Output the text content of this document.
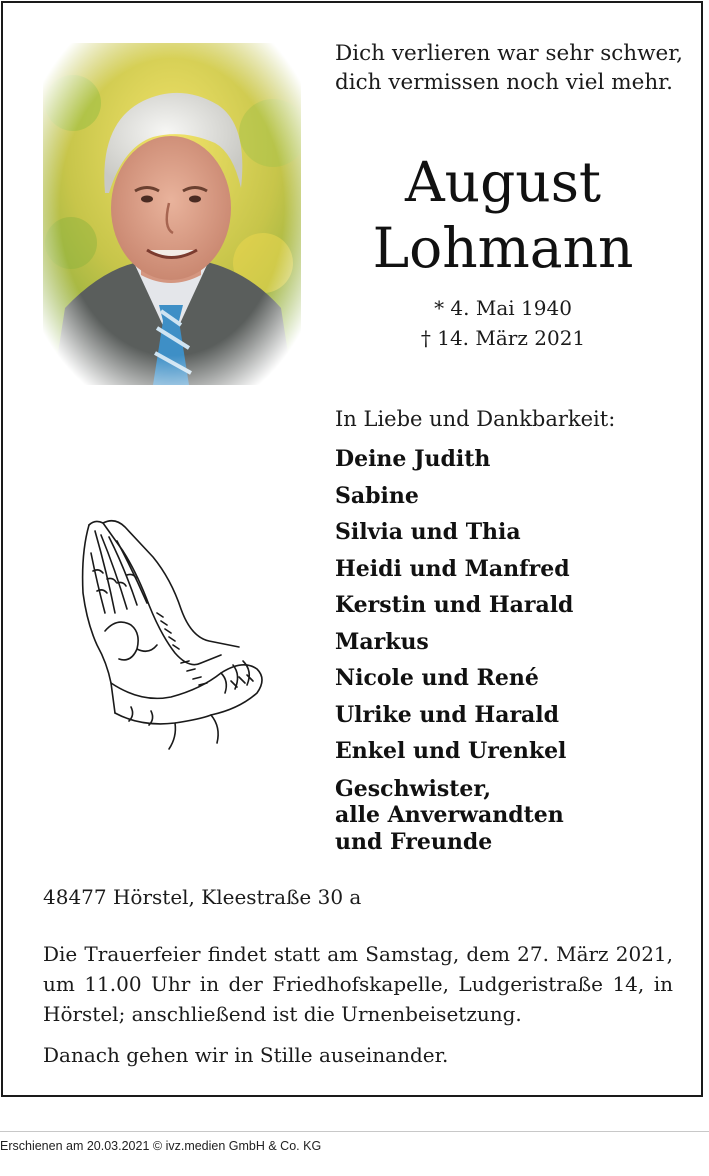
Dich verlieren war sehr schwer,
dich vermissen noch viel mehr.
August
Lohmann
* 4. Mai 1940
† 14. März 2021
In Liebe und Dankbarkeit:
Deine Judith
Sabine
Silvia und Thia
Heidi und Manfred
Kerstin und Harald
Markus
Nicole und René
Ulrike und Harald
Enkel und Urenkel
Geschwister,
alle Anverwandten
und Freunde
48477 Hörstel, Kleestraße 30 a
Die Trauerfeier findet statt am Samstag, dem 27. März 2021, um 11.00 Uhr in der Friedhofskapelle, Ludgeristraße 14, in Hörstel; anschließend ist die Urnenbeisetzung.
Danach gehen wir in Stille auseinander.
Erschienen am 20.03.2021 © ivz.medien GmbH & Co. KG
